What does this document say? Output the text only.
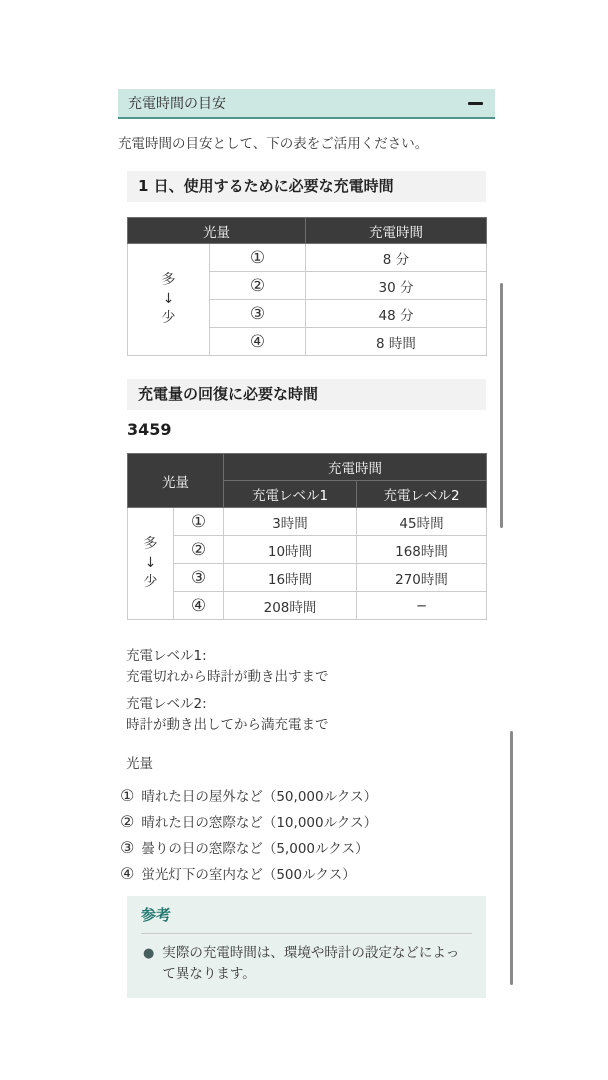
充電時間の目安

充電時間の目安として、下の表をご活用ください。

1 日、使用するために必要な充電時間
光量		充電時間
多
↓
少	①	8 分
	②	30 分
	③	48 分
	④	8 時間
充電量の回復に必要な時間
3459
光量		充電時間	
		充電レベル1	充電レベル2
多
↓
少	①	3時間	45時間
	②	10時間	168時間
	③	16時間	270時間
	④	208時間	−
充電レベル1:
充電切れから時計が動き出すまで
充電レベル2:
時計が動き出してから満充電まで
光量
① 晴れた日の屋外など（50,000ルクス）
② 晴れた日の窓際など（10,000ルクス）
③ 曇りの日の窓際など（5,000ルクス）
④ 蛍光灯下の室内など（500ルクス）
参考
● 実際の充電時間は、環境や時計の設定などによって異なります。
